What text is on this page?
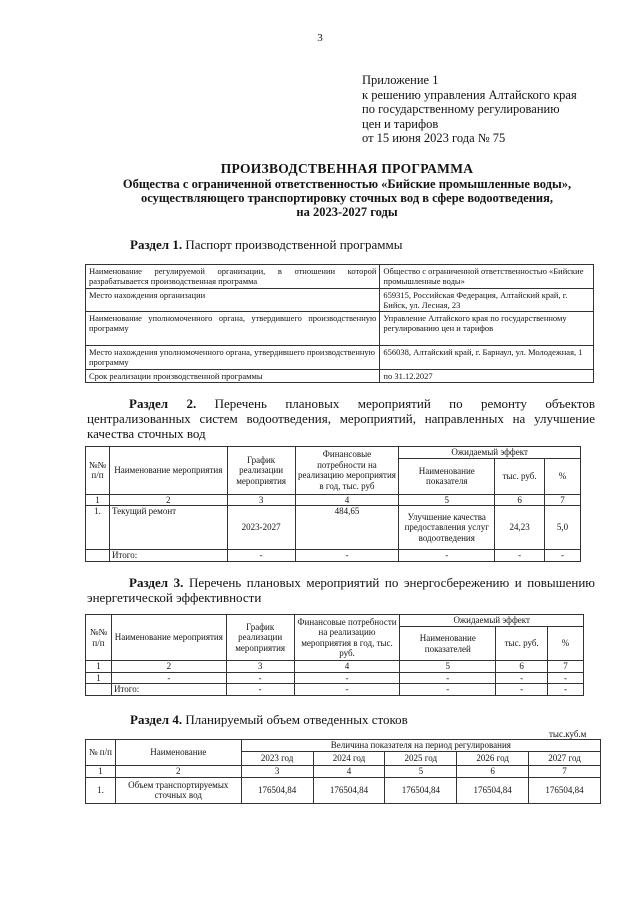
3
Приложение 1
к решению управления Алтайского края
по государственному регулированию
цен и тарифов
от 15 июня 2023 года № 75
ПРОИЗВОДСТВЕННАЯ ПРОГРАММА
Общества с ограниченной ответственностью «Бийские промышленные воды»,
осуществляющего транспортировку сточных вод в сфере водоотведения,
на 2023-2027 годы
Раздел 1. Паспорт производственной программы
Наименование регулируемой организации, в отношении которой разрабатывается производственная программа	Общество с ограниченной ответственностью «Бийские промышленные воды»
Место нахождения организации	659315, Российская Федерация, Алтайский край, г. Бийск, ул. Лесная, 23
Наименование уполномоченного органа, утвердившего производственную программу	Управление Алтайского края по государственному регулированию цен и тарифов
Место нахождения уполномоченного органа, утвердившего производственную программу	656038, Алтайский край, г. Барнаул, ул. Молодежная, 1
Срок реализации производственной программы	по 31.12.2027
Раздел 2. Перечень плановых мероприятий по ремонту объектов централизованных систем водоотведения, мероприятий, направленных на улучшение качества сточных вод
№№ п/п	Наименование мероприятия	График реализации мероприятия	Финансовые потребности на реализацию мероприятия в год, тыс. руб	Ожидаемый эффект		
				Наименование показателя	тыс. руб.	%
1	2	3	4	5	6	7
1.	Текущий ремонт	2023-2027	484,65	Улучшение качества предоставления услуг водоотведения	24,23	5,0
	Итого:	-	-	-	-	-
Раздел 3. Перечень плановых мероприятий по энергосбережению и повышению энергетической эффективности
№№ п/п	Наименование мероприятия	График реализации мероприятия	Финансовые потребности на реализацию мероприятия в год, тыс. руб.	Ожидаемый эффект		
				Наименование показателей	тыс. руб.	%
1	2	3	4	5	6	7
1	-	-	-	-	-	-
	Итого:	-	-	-	-	-
Раздел 4. Планируемый объем отведенных стоков
тыс.куб.м
№ п/п	Наименование	Величина показателя на период регулирования				
		2023 год	2024 год	2025 год	2026 год	2027 год
1	2	3	4	5	6	7
1.	Объем транспортируемых сточных вод	176504,84	176504,84	176504,84	176504,84	176504,84
